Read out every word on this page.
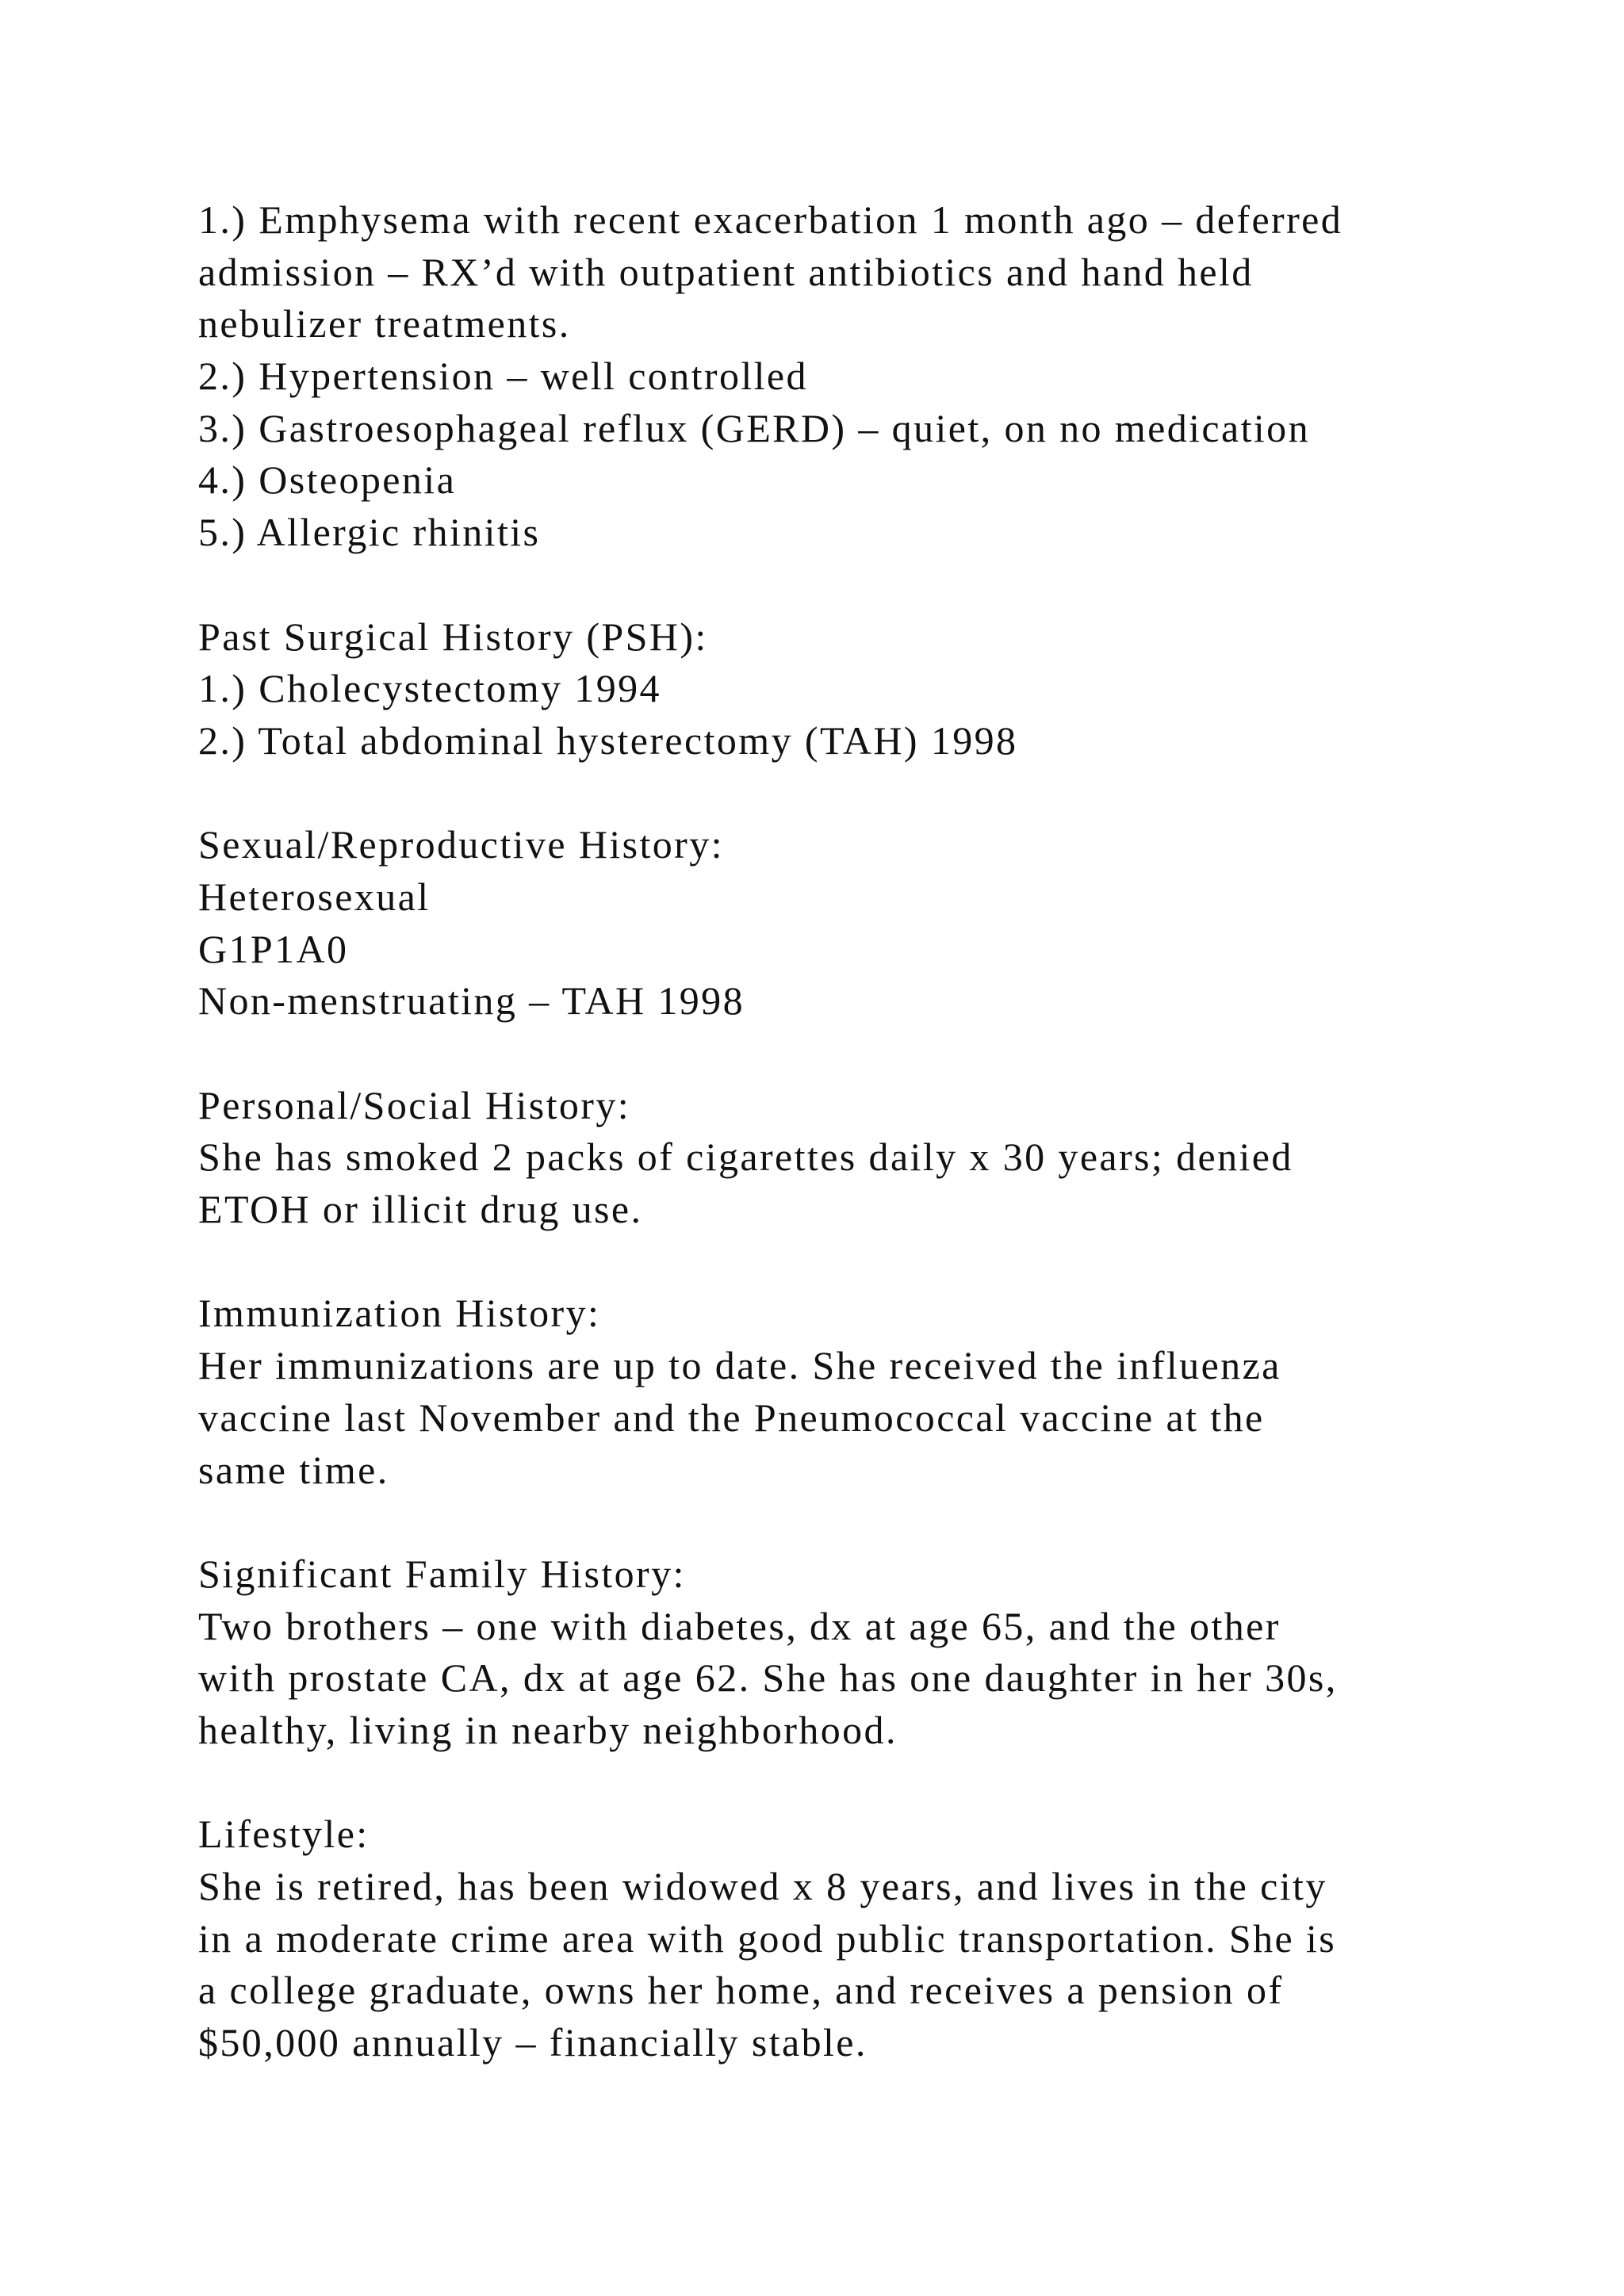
1.) Emphysema with recent exacerbation 1 month ago – deferred
admission – RX’d with outpatient antibiotics and hand held
nebulizer treatments.
2.) Hypertension – well controlled
3.) Gastroesophageal reflux (GERD) – quiet, on no medication
4.) Osteopenia
5.) Allergic rhinitis
Past Surgical History (PSH):
1.) Cholecystectomy 1994
2.) Total abdominal hysterectomy (TAH) 1998
Sexual/Reproductive History:
Heterosexual
G1P1A0
Non-menstruating – TAH 1998
Personal/Social History:
She has smoked 2 packs of cigarettes daily x 30 years; denied
ETOH or illicit drug use.
Immunization History:
Her immunizations are up to date. She received the influenza
vaccine last November and the Pneumococcal vaccine at the
same time.
Significant Family History:
Two brothers – one with diabetes, dx at age 65, and the other
with prostate CA, dx at age 62. She has one daughter in her 30s,
healthy, living in nearby neighborhood.
Lifestyle:
She is retired, has been widowed x 8 years, and lives in the city
in a moderate crime area with good public transportation. She is
a college graduate, owns her home, and receives a pension of
$50,000 annually – financially stable.
